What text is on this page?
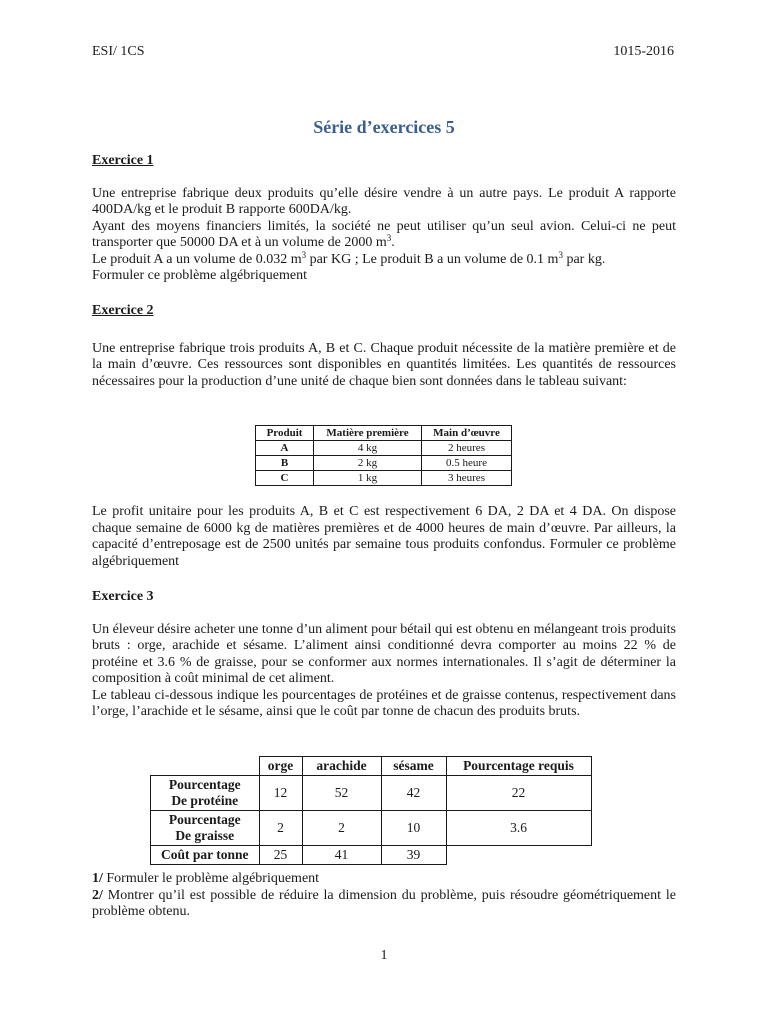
ESI/ 1CS	1015-2016
Série d’exercices 5
Exercice 1

Une entreprise fabrique deux produits qu’elle désire vendre à un autre pays. Le produit A rapporte 400DA/kg et le produit B rapporte 600DA/kg.

Ayant des moyens financiers limités, la société ne peut utiliser qu’un seul avion. Celui-ci ne peut transporter que 50000 DA et à un volume de 2000 $m^3$.

Le produit A a un volume de 0.032 $m^3$ par KG ; Le produit B a un volume de 0.1 $m^3$ par kg.

Formuler ce problème algébriquement

Exercice 2

Une entreprise fabrique trois produits A, B et C. Chaque produit nécessite de la matière première et de la main d’œuvre. Ces ressources sont disponibles en quantités limitées. Les quantités de ressources nécessaires pour la production d’une unité de chaque bien sont données dans le tableau suivant:

Produit	Matière première	Main d’œuvre
A	4 kg	2 heures
B	2 kg	0.5 heure
C	1 kg	3 heures

Le profit unitaire pour les produits A, B et C est respectivement 6 DA, 2 DA et 4 DA. On dispose chaque semaine de 6000 kg de matières premières et de 4000 heures de main d’œuvre. Par ailleurs, la capacité d’entreposage est de 2500 unités par semaine tous produits confondus. Formuler ce problème algébriquement

Exercice 3

Un éleveur désire acheter une tonne d’un aliment pour bétail qui est obtenu en mélangeant trois produits bruts : orge, arachide et sésame. L’aliment ainsi conditionné devra comporter au moins 22 % de protéine et 3.6 % de graisse, pour se conformer aux normes internationales. Il s’agit de déterminer la composition à coût minimal de cet aliment.

Le tableau ci-dessous indique les pourcentages de protéines et de graisse contenus, respectivement dans l’orge, l’arachide et le sésame, ainsi que le coût par tonne de chacun des produits bruts.

	orge	arachide	sésame	Pourcentage requis
Pourcentage
De protéine	12	52	42	22
Pourcentage
De graisse	2	2	10	3.6
Coût par tonne	25	41	39	

1/ Formuler le problème algébriquement

2/ Montrer qu’il est possible de réduire la dimension du problème, puis résoudre géométriquement le problème obtenu.

1
